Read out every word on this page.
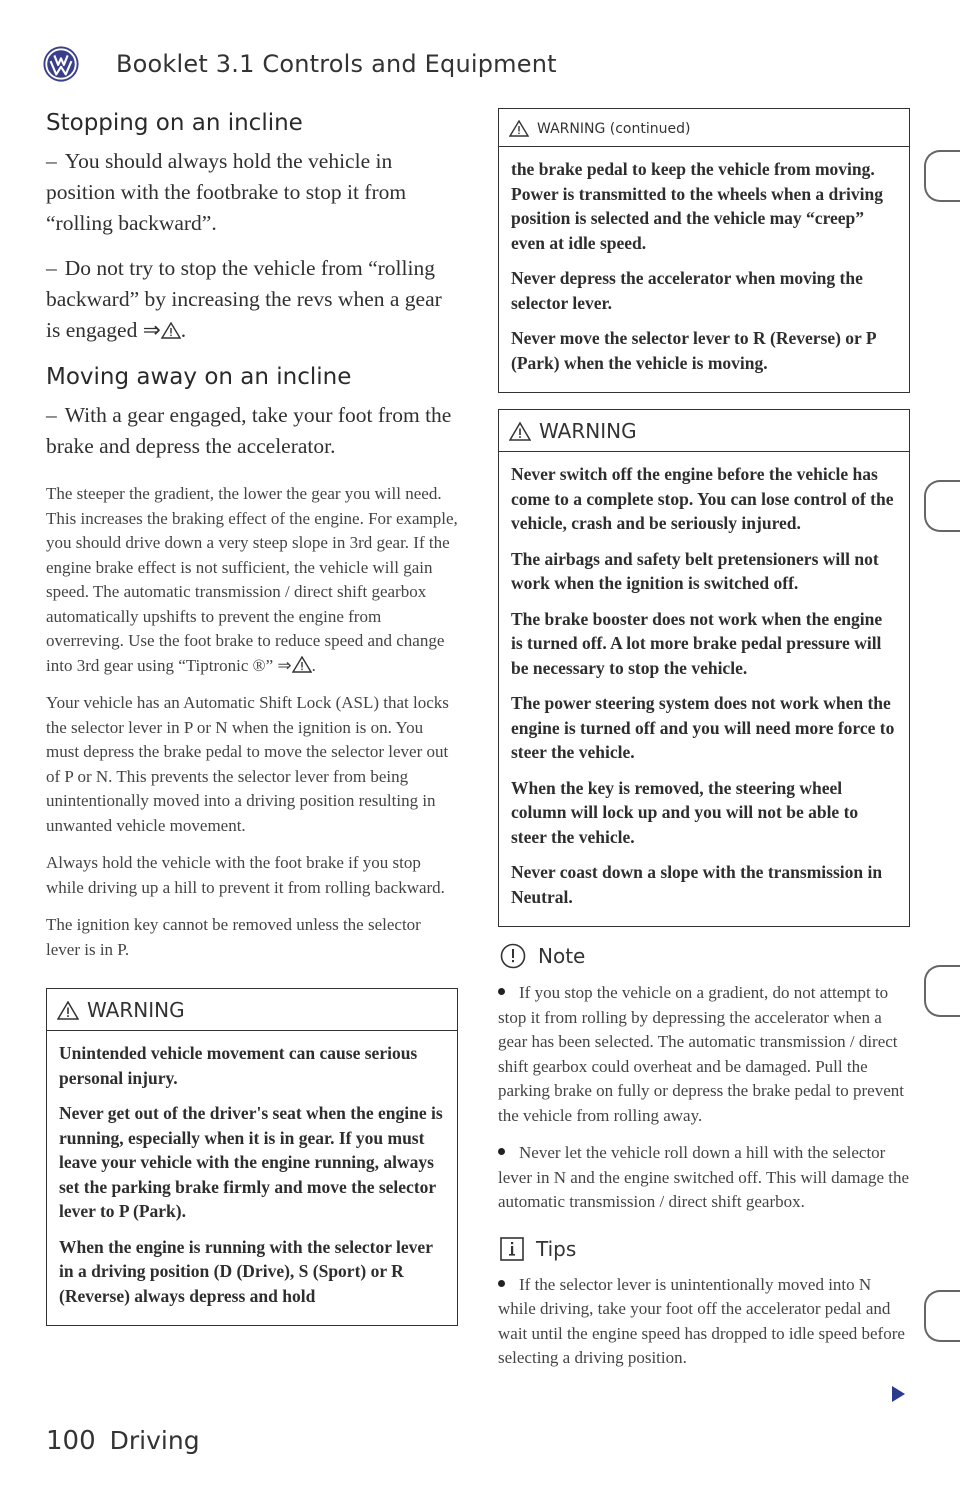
Booklet 3.1 Controls and Equipment
Stopping on an incline
– You should always hold the vehicle in position with the footbrake to stop it from “rolling backward”.
– Do not try to stop the vehicle from “rolling backward” by increasing the revs when a gear is engaged ⇒ .
Moving away on an incline
– With a gear engaged, take your foot from the brake and depress the accelerator.
The steeper the gradient, the lower the gear you will need. This increases the braking effect of the engine. For example, you should drive down a very steep slope in 3rd gear. If the engine brake effect is not sufficient, the vehicle will gain speed. The automatic transmission / direct shift gearbox automatically upshifts to prevent the engine from overreving. Use the foot brake to reduce speed and change into 3rd gear using “Tiptronic ®” ⇒ .
Your vehicle has an Automatic Shift Lock (ASL) that locks the selector lever in P or N when the ignition is on. You must depress the brake pedal to move the selector lever out of P or N. This prevents the selector lever from being unintentionally moved into a driving position resulting in unwanted vehicle movement.
Always hold the vehicle with the foot brake if you stop while driving up a hill to prevent it from rolling backward.
The ignition key cannot be removed unless the selector lever is in P.
WARNING
Unintended vehicle movement can cause serious personal injury.
Never get out of the driver's seat when the engine is running, especially when it is in gear. If you must leave your vehicle with the engine running, always set the parking brake firmly and move the selector lever to P (Park).
When the engine is running with the selector lever in a driving position (D (Drive), S (Sport) or R (Reverse) always depress and hold
WARNING (continued)
the brake pedal to keep the vehicle from moving. Power is transmitted to the wheels when a driving position is selected and the vehicle may “creep” even at idle speed.
Never depress the accelerator when moving the selector lever.
Never move the selector lever to R (Reverse) or P (Park) when the vehicle is moving.
WARNING
Never switch off the engine before the vehicle has come to a complete stop. You can lose control of the vehicle, crash and be seriously injured.
The airbags and safety belt pretensioners will not work when the ignition is switched off.
The brake booster does not work when the engine is turned off. A lot more brake pedal pressure will be necessary to stop the vehicle.
The power steering system does not work when the engine is turned off and you will need more force to steer the vehicle.
When the key is removed, the steering wheel column will lock up and you will not be able to steer the vehicle.
Never coast down a slope with the transmission in Neutral.
Note
If you stop the vehicle on a gradient, do not attempt to stop it from rolling by depressing the accelerator when a gear has been selected. The automatic transmission / direct shift gearbox could overheat and be damaged. Pull the parking brake on fully or depress the brake pedal to prevent the vehicle from rolling away.
Never let the vehicle roll down a hill with the selector lever in N and the engine switched off. This will damage the automatic transmission / direct shift gearbox.
Tips
If the selector lever is unintentionally moved into N while driving, take your foot off the accelerator pedal and wait until the engine speed has dropped to idle speed before selecting a driving position.
100 Driving
